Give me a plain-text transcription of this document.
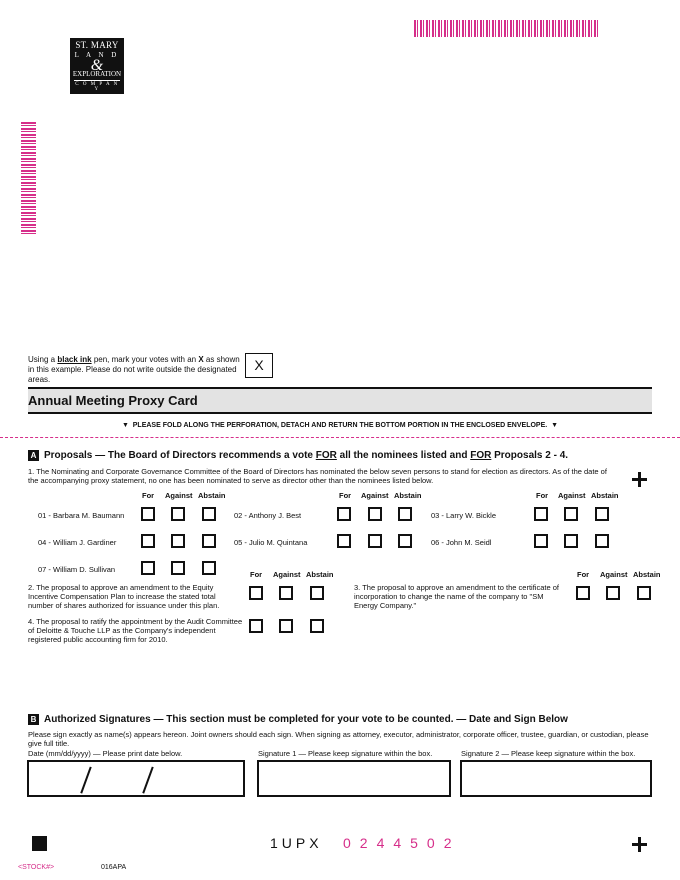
ST. MARY
L A N D
&
EXPLORATION
C O M P A N Y
Using a black ink pen, mark your votes with an X as shown in this example. Please do not write outside the designated areas.
X
Annual Meeting Proxy Card
▼  PLEASE FOLD ALONG THE PERFORATION, DETACH AND RETURN THE BOTTOM PORTION IN THE ENCLOSED ENVELOPE.  ▼
A Proposals — The Board of Directors recommends a vote FOR all the nominees listed and FOR Proposals 2 - 4.
1. The Nominating and Corporate Governance Committee of the Board of Directors has nominated the below seven persons to stand for election as directors. As of the date of the accompanying proxy statement, no one has been nominated to serve as director other than the nominees listed below.
For Against Abstain	For Against Abstain	For Against Abstain
01 - Barbara M. Baumann	02 - Anthony J. Best	03 - Larry W. Bickle
04 - William J. Gardiner	05 - Julio M. Quintana	06 - John M. Seidl
07 - William D. Sullivan
For Against Abstain	For Against Abstain
2. The proposal to approve an amendment to the Equity Incentive Compensation Plan to increase the stated total number of shares authorized for issuance under this plan.
3. The proposal to approve an amendment to the certificate of incorporation to change the name of the company to "SM Energy Company."
4. The proposal to ratify the appointment by the Audit Committee of Deloitte & Touche LLP as the Company's independent registered public accounting firm for 2010.
B Authorized Signatures — This section must be completed for your vote to be counted. — Date and Sign Below
Please sign exactly as name(s) appears hereon. Joint owners should each sign. When signing as attorney, executor, administrator, corporate officer, trustee, guardian, or custodian, please give full title.
Date (mm/dd/yyyy) — Please print date below.	Signature 1 — Please keep signature within the box.	Signature 2 — Please keep signature within the box.
1UPX 0244502
<STOCK#>	016APA
